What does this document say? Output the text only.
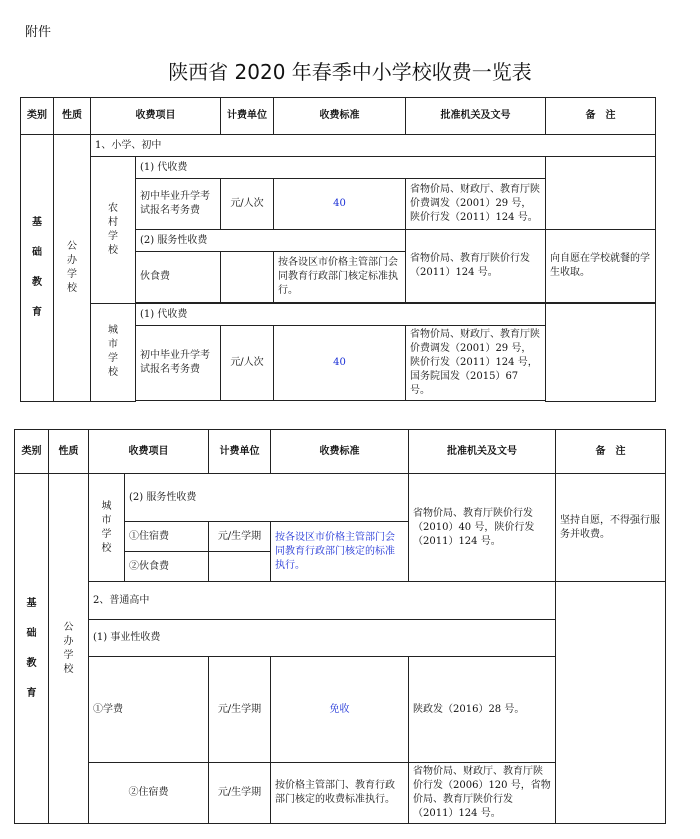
附件
陕西省 2020 年春季中小学校收费一览表
类别	性质	收费项目		计费单位	收费标准	批准机关及文号	备　注
基础教育	公办学校	1、小学、初中					
		农村学校	(1) 代收费				
			初中毕业升学考试报名考务费	元/人次	40	省物价局、财政厅、教育厅陕价费调发（2001）29 号，陕价行发（2011）124 号。	
			(2) 服务性收费			省物价局、教育厅陕价行发（2011）124 号。	向自愿在学校就餐的学生收取。
			伙食费		按各设区市价格主管部门会同教育行政部门核定标准执行。		

		城市学校	(1) 代收费				
			初中毕业升学考试报名考务费	元/人次	40	省物价局、财政厅、教育厅陕价费调发（2001）29 号，陕价行发（2011）124 号，国务院国发（2015）67 号。	

类别	性质	收费项目		计费单位	收费标准	批准机关及文号	备　注
基础教育	公办学校	城市学校	(2) 服务性收费			省物价局、教育厅陕价行发（2010）40 号，陕价行发（2011）124 号。	坚持自愿，不得强行服务并收费。
			①住宿费	元/生学期	按各设区市价格主管部门会同教育行政部门核定的标准执行。		
			②伙食费				
		2、普通高中					
		(1) 事业性收费					
		①学费		元/生学期	免收	陕政发（2016）28 号。	
		②住宿费		元/生学期	按价格主管部门、教育行政部门核定的收费标准执行。	省物价局、财政厅、教育厅陕价行发（2006）120 号，省物价局、教育厅陕价行发（2011）124 号。	
